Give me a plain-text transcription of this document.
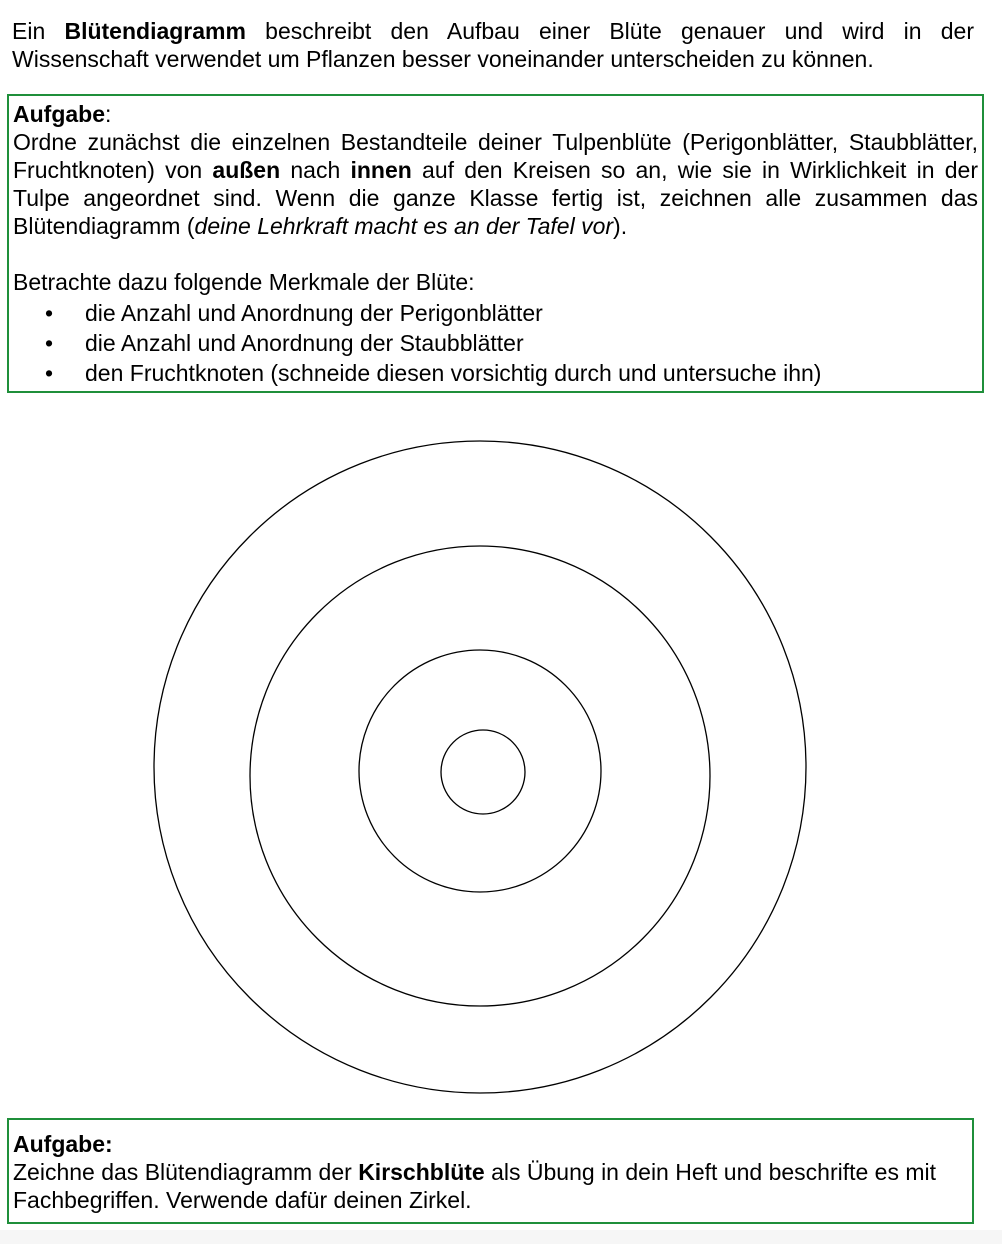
Ein Blütendiagramm beschreibt den Aufbau einer Blüte genauer und wird in der Wissenschaft verwendet um Pflanzen besser voneinander unterscheiden zu können.

Aufgabe:

Ordne zunächst die einzelnen Bestandteile deiner Tulpenblüte (Perigonblätter, Staubblätter, Fruchtknoten) von außen nach innen auf den Kreisen so an, wie sie in Wirklichkeit in der Tulpe angeordnet sind. Wenn die ganze Klasse fertig ist, zeichnen alle zusammen das Blütendiagramm (deine Lehrkraft macht es an der Tafel vor).

Betrachte dazu folgende Merkmale der Blüte:

• die Anzahl und Anordnung der Perigonblätter
• die Anzahl und Anordnung der Staubblätter
• den Fruchtknoten (schneide diesen vorsichtig durch und untersuche ihn)
Aufgabe:
Zeichne das Blütendiagramm der Kirschblüte als Übung in dein Heft und beschrifte es mit
Fachbegriffen. Verwende dafür deinen Zirkel.
